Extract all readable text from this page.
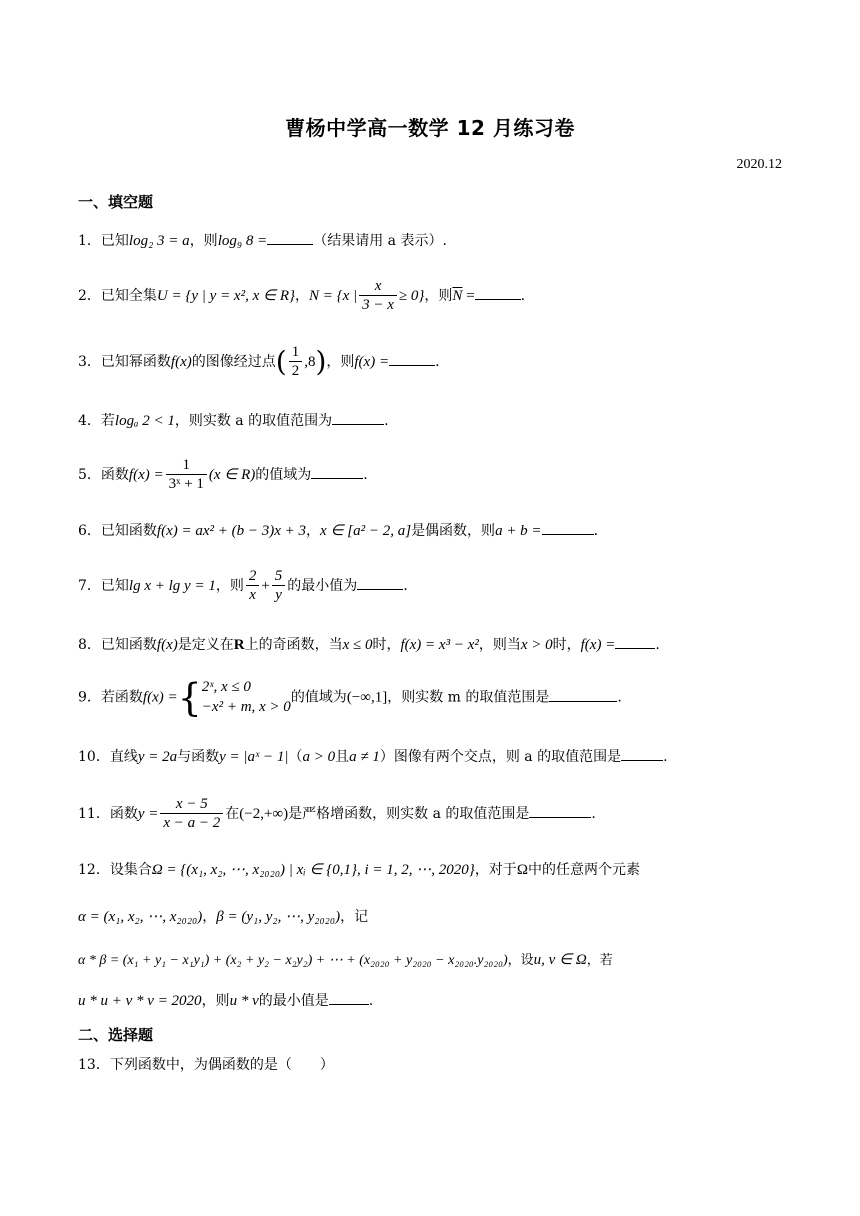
曹杨中学高一数学 12 月练习卷
2020.12
一、填空题
1．已知log₂ 3 = a，则log₉ 8 =	（结果请用 a 表示）.
2．已知全集U = {y | y = x², x ∈ R}，N = {x | $\frac{x}{3 - x} \ge 0$}，则$\overline{N}$ =	.
3．已知幂函数f(x)的图像经过点( $\frac{1}{2} ,8$)，则f(x) =	.
4．若logₐ 2 < 1，则实数 a 的取值范围为	.
5．函数$f(x) = \frac{1}{\text{3ˣ + 1}} (x$ ∈ R)的值域为	.
6．已知函数f(x) = ax² + (b − 3)x + 3，x ∈ [a² − 2, a]是偶函数，则a + b =	.
7．已知lg x + lg y = 1，则 $\frac{2}{x} + \frac{5}{y}$ 的最小值为	.
8．已知函数f(x)是定义在R上的奇函数，当x ≤ 0时，f(x) = x³ − x²，则当x > 0时，f(x) =	.
9．若函数f(x) ={ 2ˣ, x ≤ 0
−x² + m, x > 0
的值域为(−∞,1]，则实数 m 的取值范围是	.
10．直线y = 2a与函数y = |aˣ − 1|（a > 0且a ≠ 1）图像有两个交点，则 a 的取值范围是	.
11．函数$y = \frac{x - 5}{x - a - 2}$ 在(−2,+∞)是严格增函数，则实数 a 的取值范围是	.
12．设集合Ω = {(x₁, x₂, ⋯, x₂₀₂₀) | xᵢ ∈ {0,1}, i = 1, 2, ⋯, 2020}，对于Ω中的任意两个元素
α = (x₁, x₂, ⋯, x₂₀₂₀)，β = (y₁, y₂, ⋯, y₂₀₂₀)，记
α * β = (x₁ + y₁ − x₁y₁) + (x₂ + y₂ − x₂y₂) + ⋯ + (x₂₀₂₀ + y₂₀₂₀ − x₂₀₂₀.y₂₀₂₀)，设u, v ∈ Ω，若
u * u + v * v = 2020，则u * v的最小值是	.
二、选择题
13．下列函数中，为偶函数的是（　　）
